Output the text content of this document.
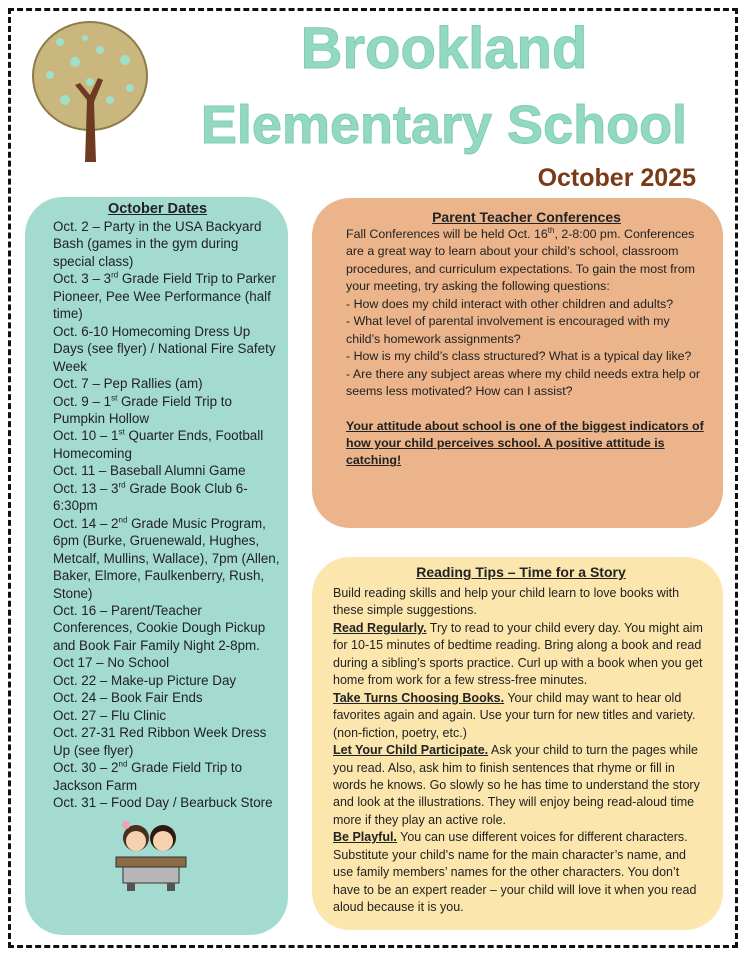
Brookland
Elementary School
October 2025
October Dates
Oct. 2 – Party in the USA Backyard Bash (games in the gym during special class)
Oct. 3 – 3rd Grade Field Trip to Parker Pioneer, Pee Wee Performance (half time)
Oct. 6-10 Homecoming Dress Up Days (see flyer) / National Fire Safety Week
Oct. 7 – Pep Rallies (am)
Oct. 9 – 1st Grade Field Trip to Pumpkin Hollow
Oct. 10 – 1st Quarter Ends, Football Homecoming
Oct. 11 – Baseball Alumni Game
Oct. 13 – 3rd Grade Book Club 6-6:30pm
Oct. 14 – 2nd Grade Music Program, 6pm (Burke, Gruenewald, Hughes, Metcalf, Mullins, Wallace), 7pm (Allen, Baker, Elmore, Faulkenberry, Rush, Stone)
Oct. 16 – Parent/Teacher Conferences, Cookie Dough Pickup and Book Fair Family Night 2-8pm.
Oct 17 – No School
Oct. 22 – Make-up Picture Day
Oct. 24 – Book Fair Ends
Oct. 27 – Flu Clinic
Oct. 27-31 Red Ribbon Week Dress Up (see flyer)
Oct. 30 – 2nd Grade Field Trip to Jackson Farm
Oct. 31 – Food Day / Bearbuck Store
Parent Teacher Conferences

Fall Conferences will be held Oct. 16th, 2-8:00 pm. Conferences are a great way to learn about your child’s school, classroom procedures, and curriculum expectations. To gain the most from your meeting, try asking the following questions:

- How does my child interact with other children and adults?

- What level of parental involvement is encouraged with my child’s homework assignments?

- How is my child’s class structured? What is a typical day like?

- Are there any subject areas where my child needs extra help or seems less motivated? How can I assist?

Your attitude about school is one of the biggest indicators of how your child perceives school. A positive attitude is catching!

Reading Tips – Time for a Story

Build reading skills and help your child learn to love books with these simple suggestions.

Read Regularly. Try to read to your child every day. You might aim for 10-15 minutes of bedtime reading. Bring along a book and read during a sibling’s sports practice. Curl up with a book when you get home from work for a few stress-free minutes.

Take Turns Choosing Books. Your child may want to hear old favorites again and again. Use your turn for new titles and variety. (non-fiction, poetry, etc.)

Let Your Child Participate. Ask your child to turn the pages while you read. Also, ask him to finish sentences that rhyme or fill in words he knows. Go slowly so he has time to understand the story and look at the illustrations. They will enjoy being read-aloud time more if they play an active role.

Be Playful. You can use different voices for different characters. Substitute your child’s name for the main character’s name, and use family members’ names for the other characters. You don’t have to be an expert reader – your child will love it when you read aloud because it is you.
